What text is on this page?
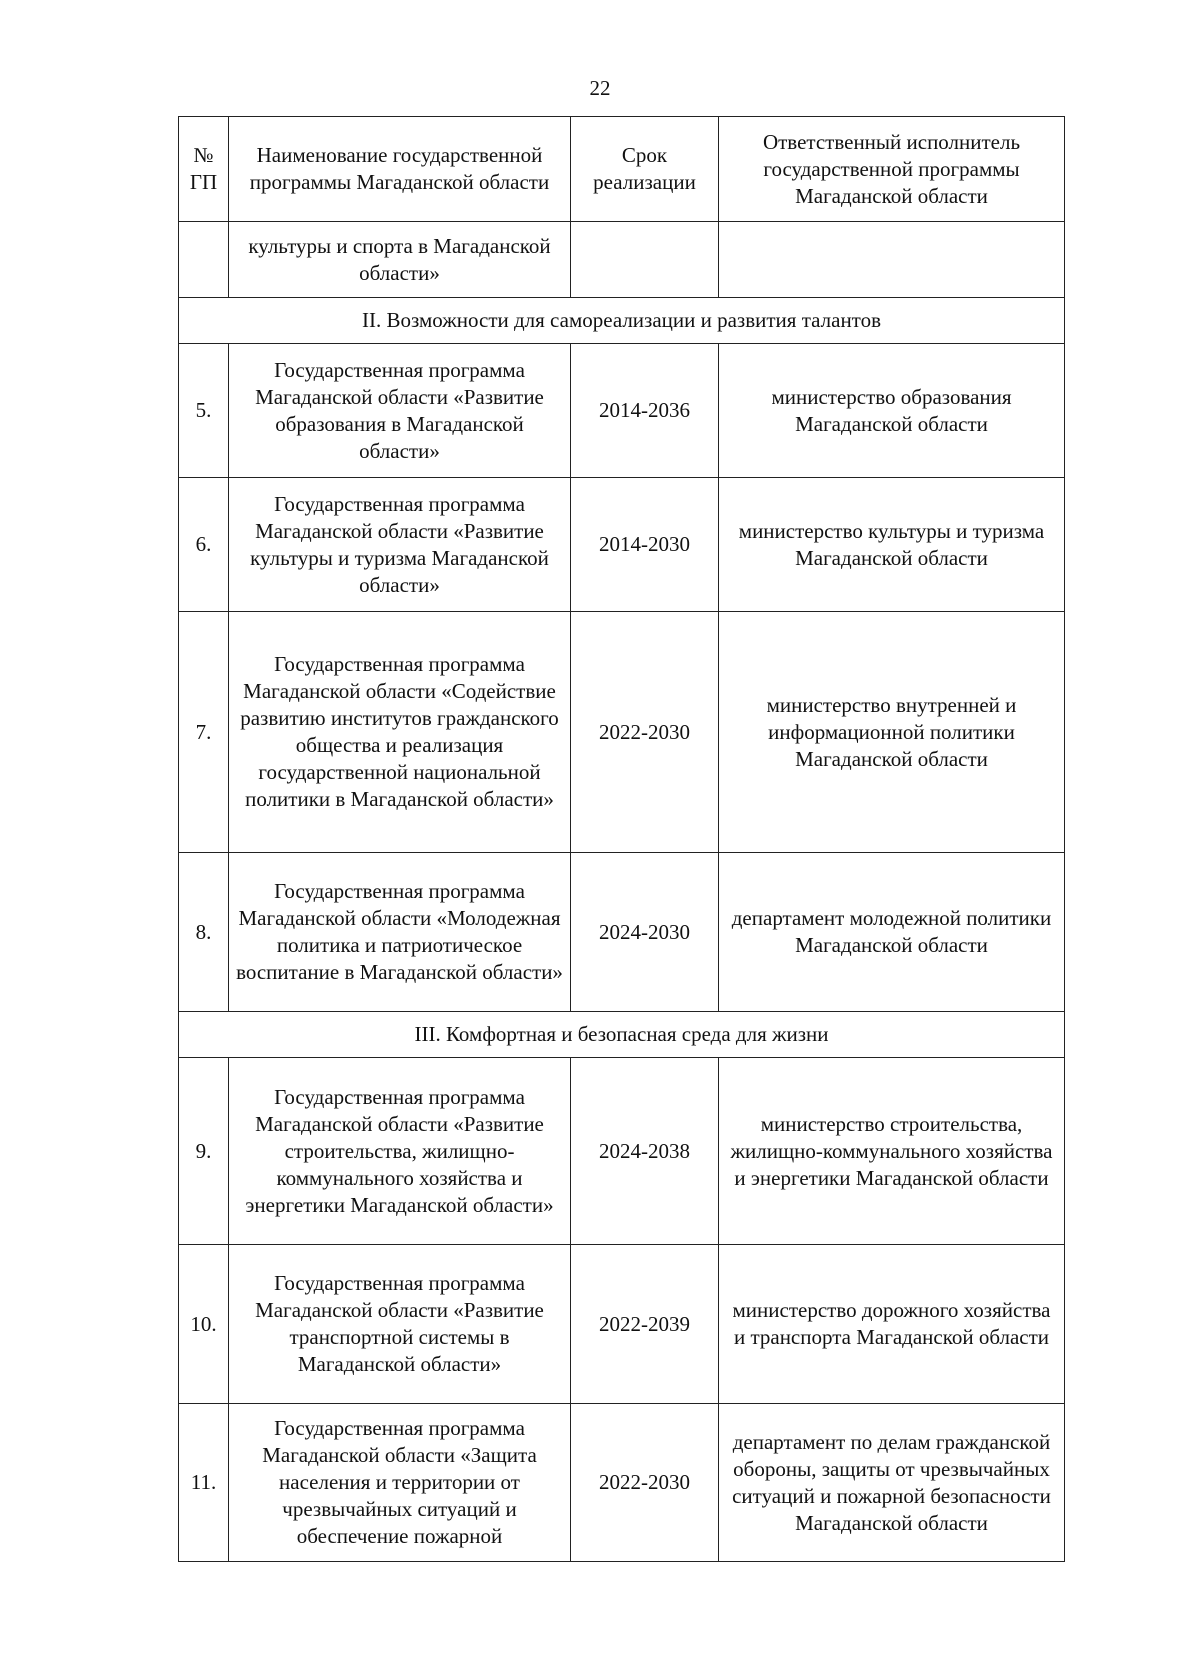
22
№ ГП	Наименование государственной программы Магаданской области	Срок реализации	Ответственный исполнитель государственной программы Магаданской области
	культуры и спорта в Магаданской области»		
II. Возможности для самореализации и развития талантов			
5.	Государственная программа Магаданской области «Развитие образования в Магаданской области»	2014-2036	министерство образования Магаданской области
6.	Государственная программа Магаданской области «Развитие культуры и туризма Магаданской области»	2014-2030	министерство культуры и туризма Магаданской области
7.	Государственная программа Магаданской области «Содействие развитию институтов гражданского общества и реализация государственной национальной политики в Магаданской области»	2022-2030	министерство внутренней и информационной политики Магаданской области
8.	Государственная программа Магаданской области «Молодежная политика и патриотическое воспитание в Магаданской области»	2024-2030	департамент молодежной политики Магаданской области
III. Комфортная и безопасная среда для жизни			
9.	Государственная программа Магаданской области «Развитие строительства, жилищно-коммунального хозяйства и энергетики Магаданской области»	2024-2038	министерство строительства, жилищно-коммунального хозяйства и энергетики Магаданской области
10.	Государственная программа Магаданской области «Развитие транспортной системы в Магаданской области»	2022-2039	министерство дорожного хозяйства и транспорта Магаданской области
11.	Государственная программа Магаданской области «Защита населения и территории от чрезвычайных ситуаций и обеспечение пожарной	2022-2030	департамент по делам гражданской обороны, защиты от чрезвычайных ситуаций и пожарной безопасности Магаданской области
